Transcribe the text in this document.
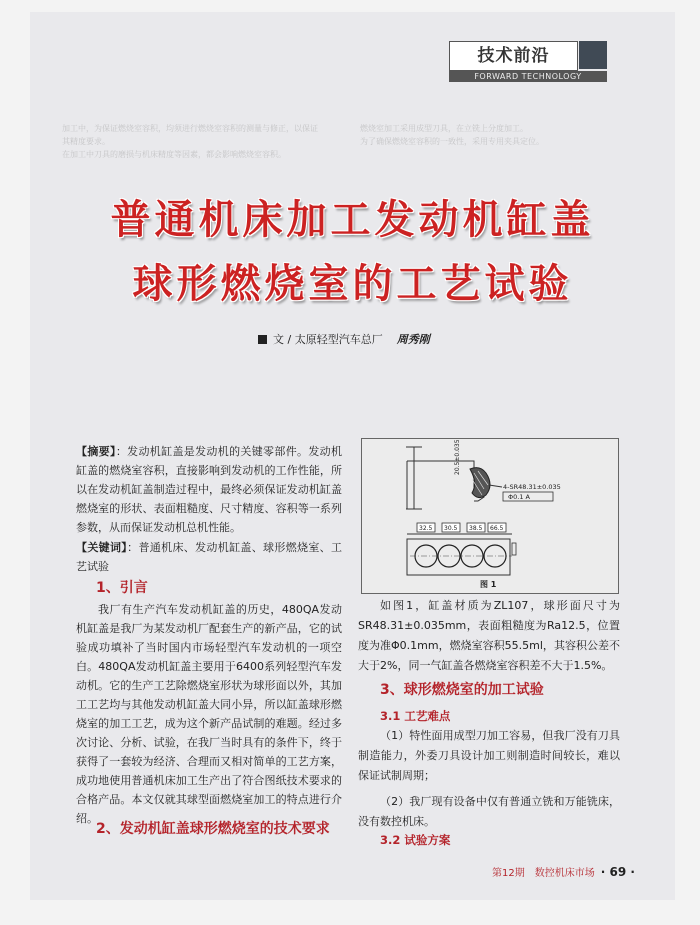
加工中，为保证燃烧室容积，均须进行燃烧室容积的测量与修正，以保证其精度要求。
在加工中刀具的磨损与机床精度等因素，都会影响燃烧室容积。
燃烧室加工采用成型刀具，在立铣上分度加工。
为了确保燃烧室容积的一致性，采用专用夹具定位。
技术前沿
FORWARD TECHNOLOGY
普通机床加工发动机缸盖
球形燃烧室的工艺试验
文 / 太原轻型汽车总厂 周秀刚
【摘要】：发动机缸盖是发动机的关键零部件。发动机缸盖的燃烧室容积，直接影响到发动机的工作性能，所以在发动机缸盖制造过程中，最终必须保证发动机缸盖燃烧室的形状、表面粗糙度、尺寸精度、容积等一系列参数，从而保证发动机总机性能。
【关键词】：普通机床、发动机缸盖、球形燃烧室、工艺试验
1、引言
我厂有生产汽车发动机缸盖的历史，480QA发动机缸盖是我厂为某发动机厂配套生产的新产品，它的试验成功填补了当时国内市场轻型汽车发动机的一项空白。480QA发动机缸盖主要用于6400系列轻型汽车发动机。它的生产工艺除燃烧室形状为球形面以外，其加工工艺均与其他发动机缸盖大同小异，所以缸盖球形燃烧室的加工工艺，成为这个新产品试制的难题。经过多次讨论、分析、试验，在我厂当时具有的条件下，终于获得了一套较为经济、合理而又相对简单的工艺方案，成功地使用普通机床加工生产出了符合图纸技术要求的合格产品。本文仅就其球型面燃烧室加工的特点进行介绍。
2、发动机缸盖球形燃烧室的技术要求
20.5±0.035
4-SR48.31±0.035
Φ0.1 A
32.5 30.5 38.5 66.5
图 1
如图1，缸盖材质为ZL107，球形面尺寸为SR48.31±0.035mm，表面粗糙度为Ra12.5，位置度为准Φ0.1mm，燃烧室容积55.5ml，其容积公差不大于2%，同一气缸盖各燃烧室容积差不大于1.5%。
3、球形燃烧室的加工试验
3.1 工艺难点
（1）特性面用成型刀加工容易，但我厂没有刀具制造能力，外委刀具设计加工则制造时间较长，难以保证试制周期；
（2）我厂现有设备中仅有普通立铣和万能铣床，没有数控机床。
3.2 试验方案
第12期　数控机床市场 · 69 ·
